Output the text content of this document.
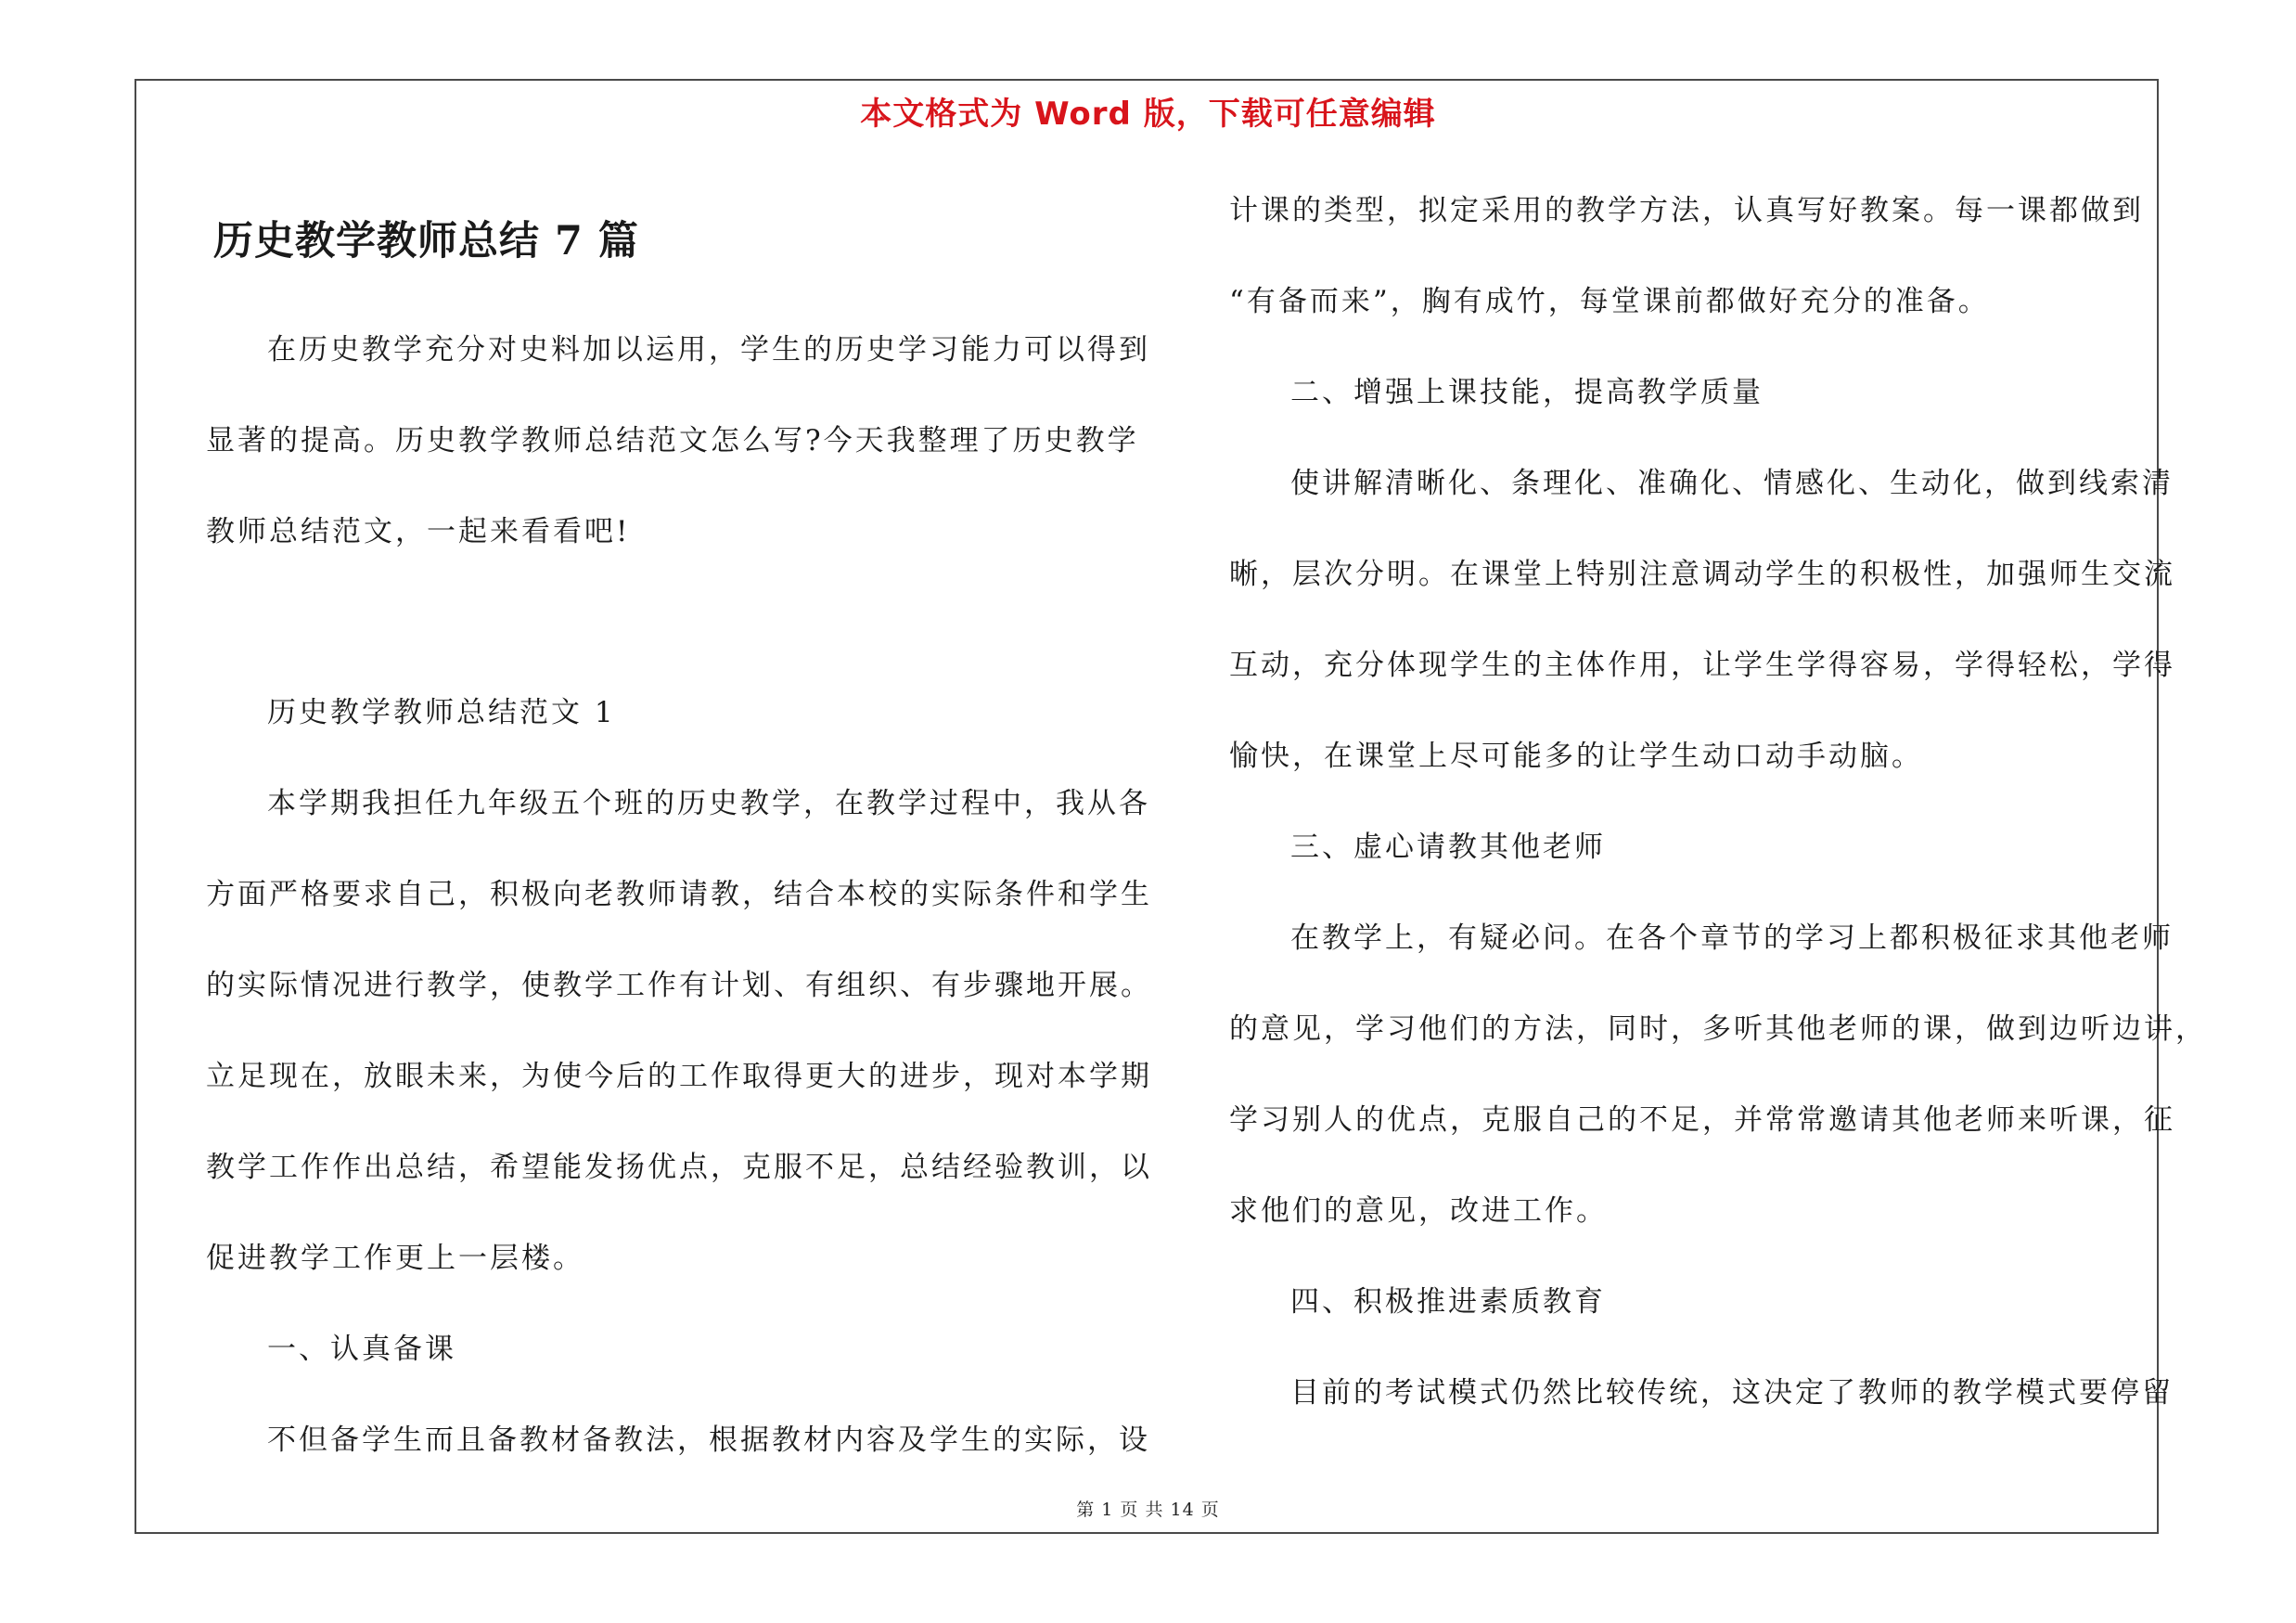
本文格式为 Word 版，下载可任意编辑
历史教学教师总结 7 篇
在历史教学充分对史料加以运用，学生的历史学习能力可以得到
显著的提高。历史教学教师总结范文怎么写?今天我整理了历史教学
教师总结范文，一起来看看吧!
历史教学教师总结范文 1
本学期我担任九年级五个班的历史教学，在教学过程中，我从各
方面严格要求自己，积极向老教师请教，结合本校的实际条件和学生
的实际情况进行教学，使教学工作有计划、有组织、有步骤地开展。
立足现在，放眼未来，为使今后的工作取得更大的进步，现对本学期
教学工作作出总结，希望能发扬优点，克服不足，总结经验教训，以
促进教学工作更上一层楼。
一、认真备课
不但备学生而且备教材备教法，根据教材内容及学生的实际，设
计课的类型，拟定采用的教学方法，认真写好教案。每一课都做到
“有备而来”，胸有成竹，每堂课前都做好充分的准备。
二、增强上课技能，提高教学质量
使讲解清晰化、条理化、准确化、情感化、生动化，做到线索清
晰，层次分明。在课堂上特别注意调动学生的积极性，加强师生交流
互动，充分体现学生的主体作用，让学生学得容易，学得轻松，学得
愉快，在课堂上尽可能多的让学生动口动手动脑。
三、虚心请教其他老师
在教学上，有疑必问。在各个章节的学习上都积极征求其他老师
的意见，学习他们的方法，同时，多听其他老师的课，做到边听边讲，
学习别人的优点，克服自己的不足，并常常邀请其他老师来听课，征
求他们的意见，改进工作。
四、积极推进素质教育
目前的考试模式仍然比较传统，这决定了教师的教学模式要停留
第 1 页 共 14 页
